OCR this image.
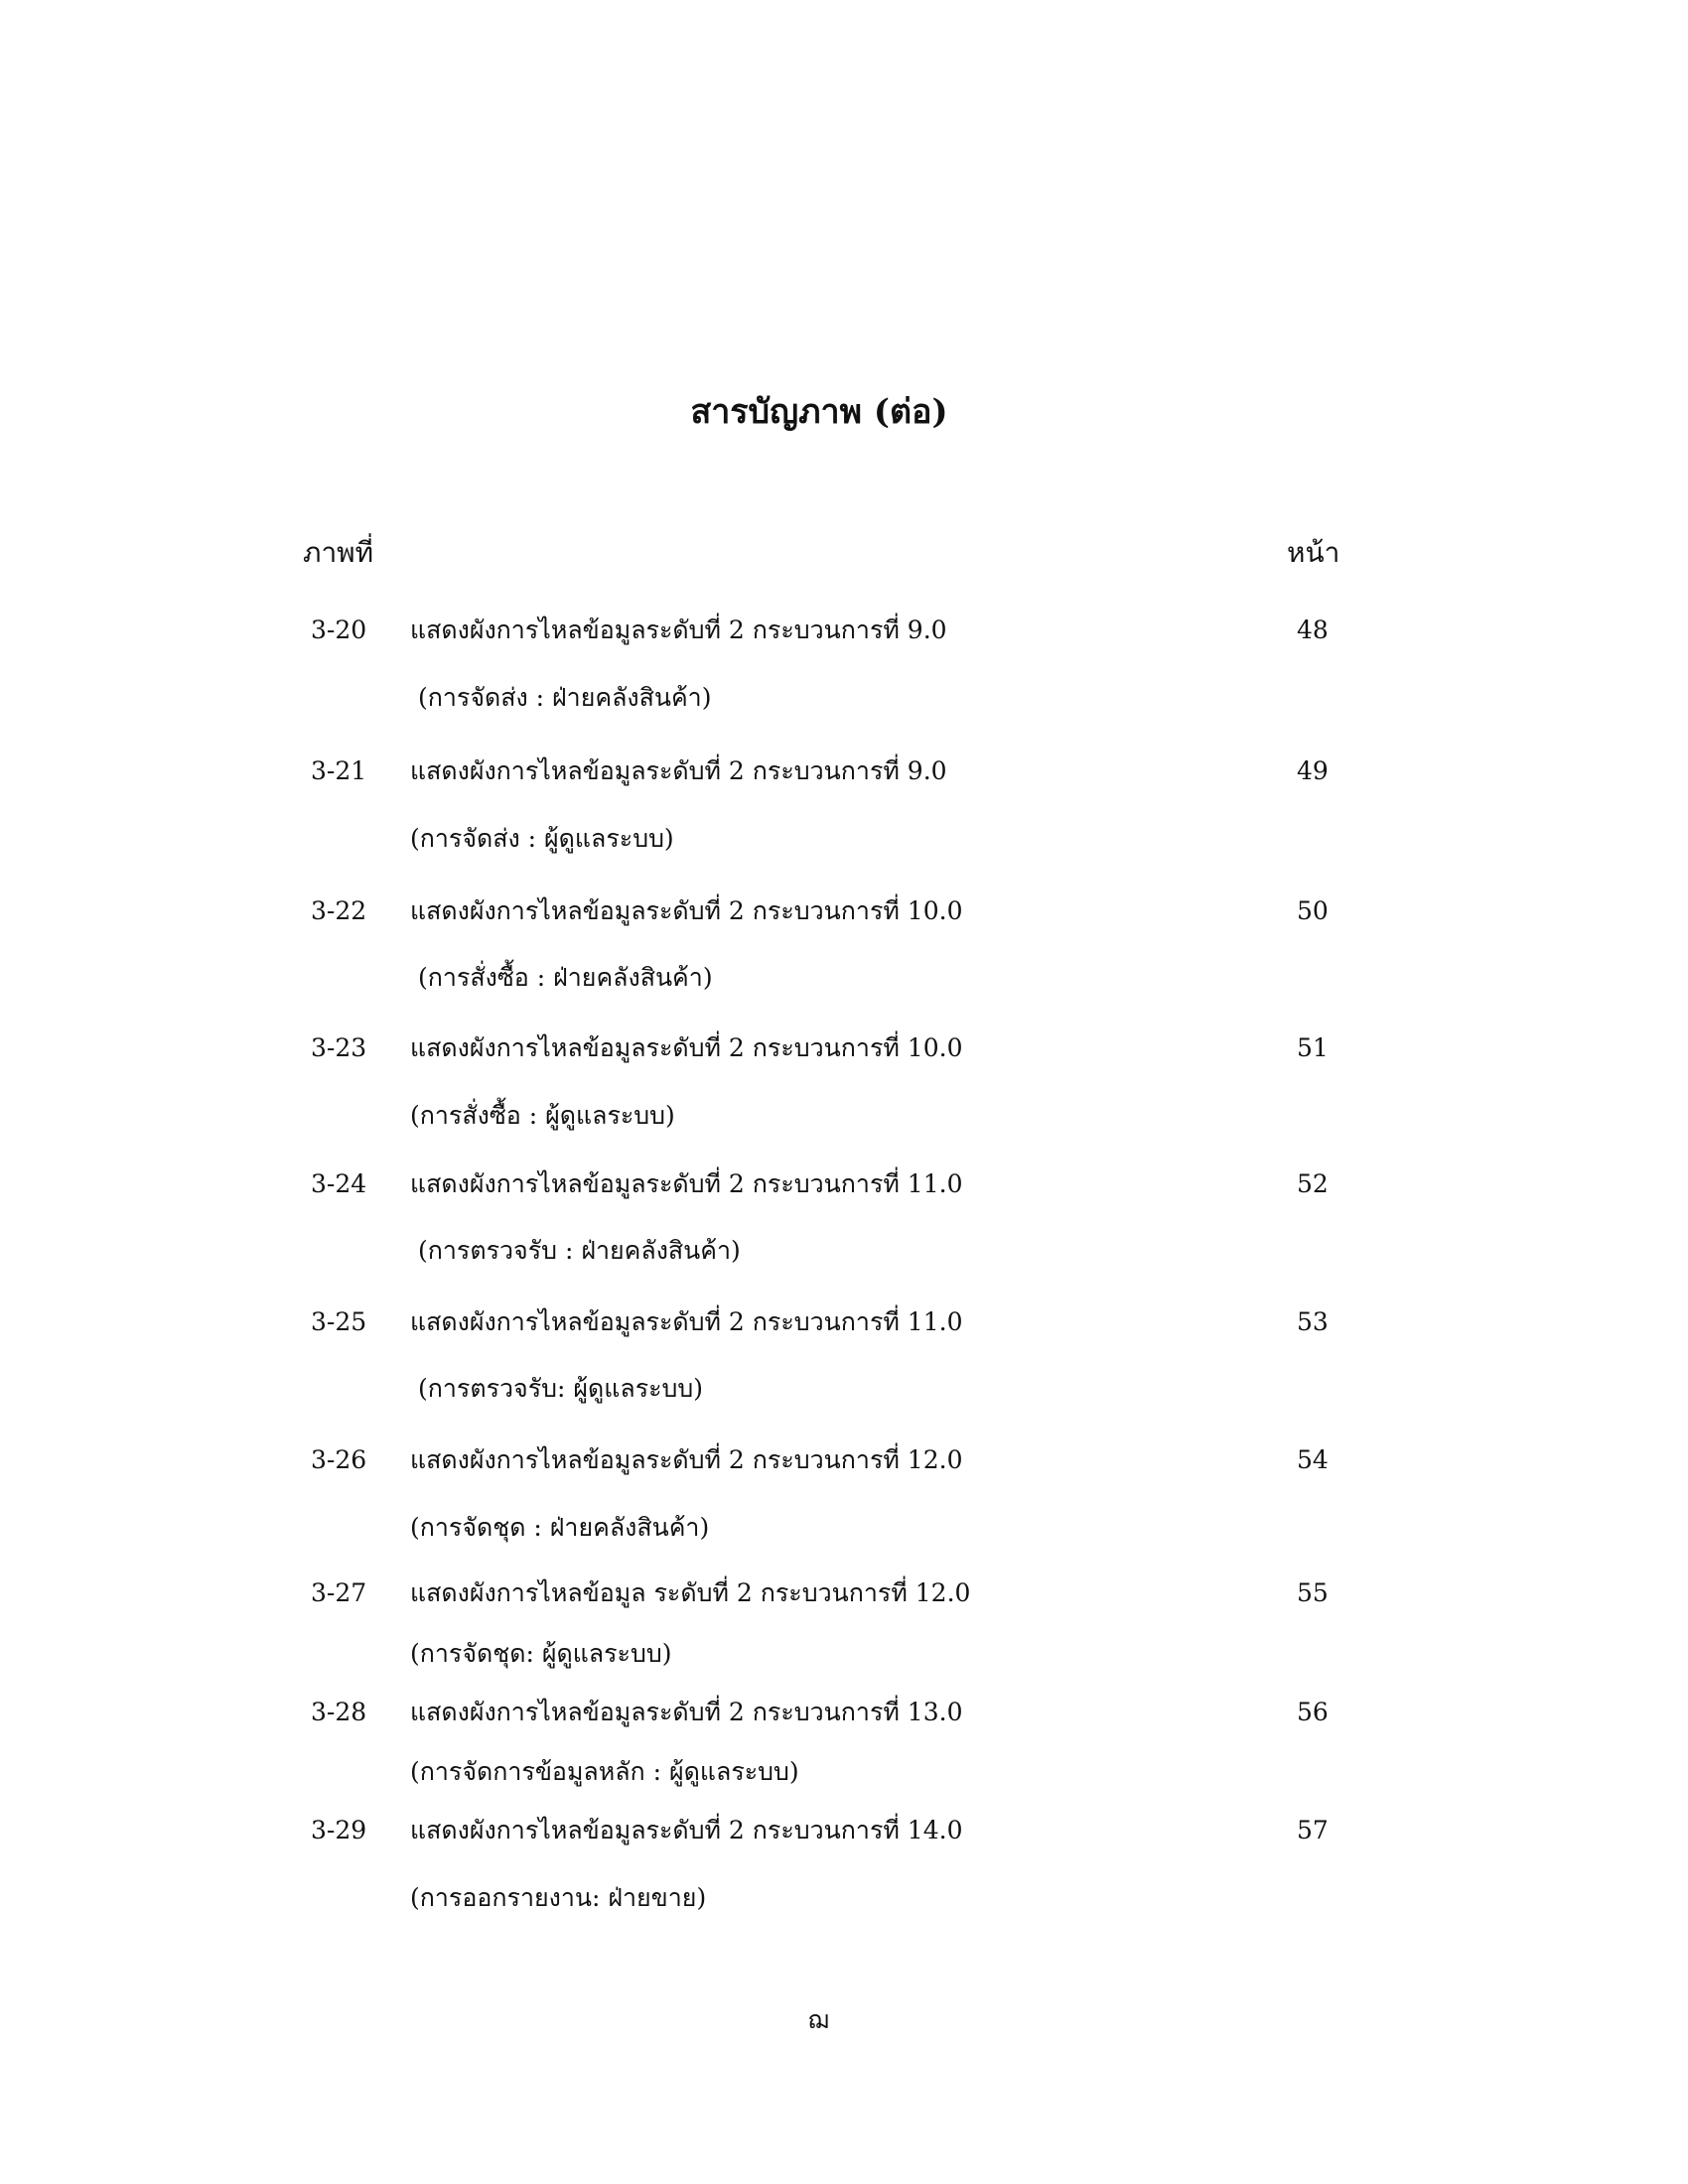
สารบัญภาพ (ต่อ)
ภาพที่	หน้า
3-20 แสดงผังการไหลข้อมูลระดับที่ 2 กระบวนการที่ 9.0	48
(การจัดส่ง : ฝ่ายคลังสินค้า)
3-21 แสดงผังการไหลข้อมูลระดับที่ 2 กระบวนการที่ 9.0	49
(การจัดส่ง : ผู้ดูแลระบบ)
3-22 แสดงผังการไหลข้อมูลระดับที่ 2 กระบวนการที่ 10.0	50
(การสั่งซื้อ : ฝ่ายคลังสินค้า)
3-23 แสดงผังการไหลข้อมูลระดับที่ 2 กระบวนการที่ 10.0	51
(การสั่งซื้อ : ผู้ดูแลระบบ)
3-24 แสดงผังการไหลข้อมูลระดับที่ 2 กระบวนการที่ 11.0	52
(การตรวจรับ : ฝ่ายคลังสินค้า)
3-25 แสดงผังการไหลข้อมูลระดับที่ 2 กระบวนการที่ 11.0	53
(การตรวจรับ: ผู้ดูแลระบบ)
3-26 แสดงผังการไหลข้อมูลระดับที่ 2 กระบวนการที่ 12.0	54
(การจัดชุด : ฝ่ายคลังสินค้า)
3-27 แสดงผังการไหลข้อมูล ระดับที่ 2 กระบวนการที่ 12.0	55
(การจัดชุด: ผู้ดูแลระบบ)
3-28 แสดงผังการไหลข้อมูลระดับที่ 2 กระบวนการที่ 13.0	56
(การจัดการข้อมูลหลัก : ผู้ดูแลระบบ)
3-29 แสดงผังการไหลข้อมูลระดับที่ 2 กระบวนการที่ 14.0	57
(การออกรายงาน: ฝ่ายขาย)
ฌ
